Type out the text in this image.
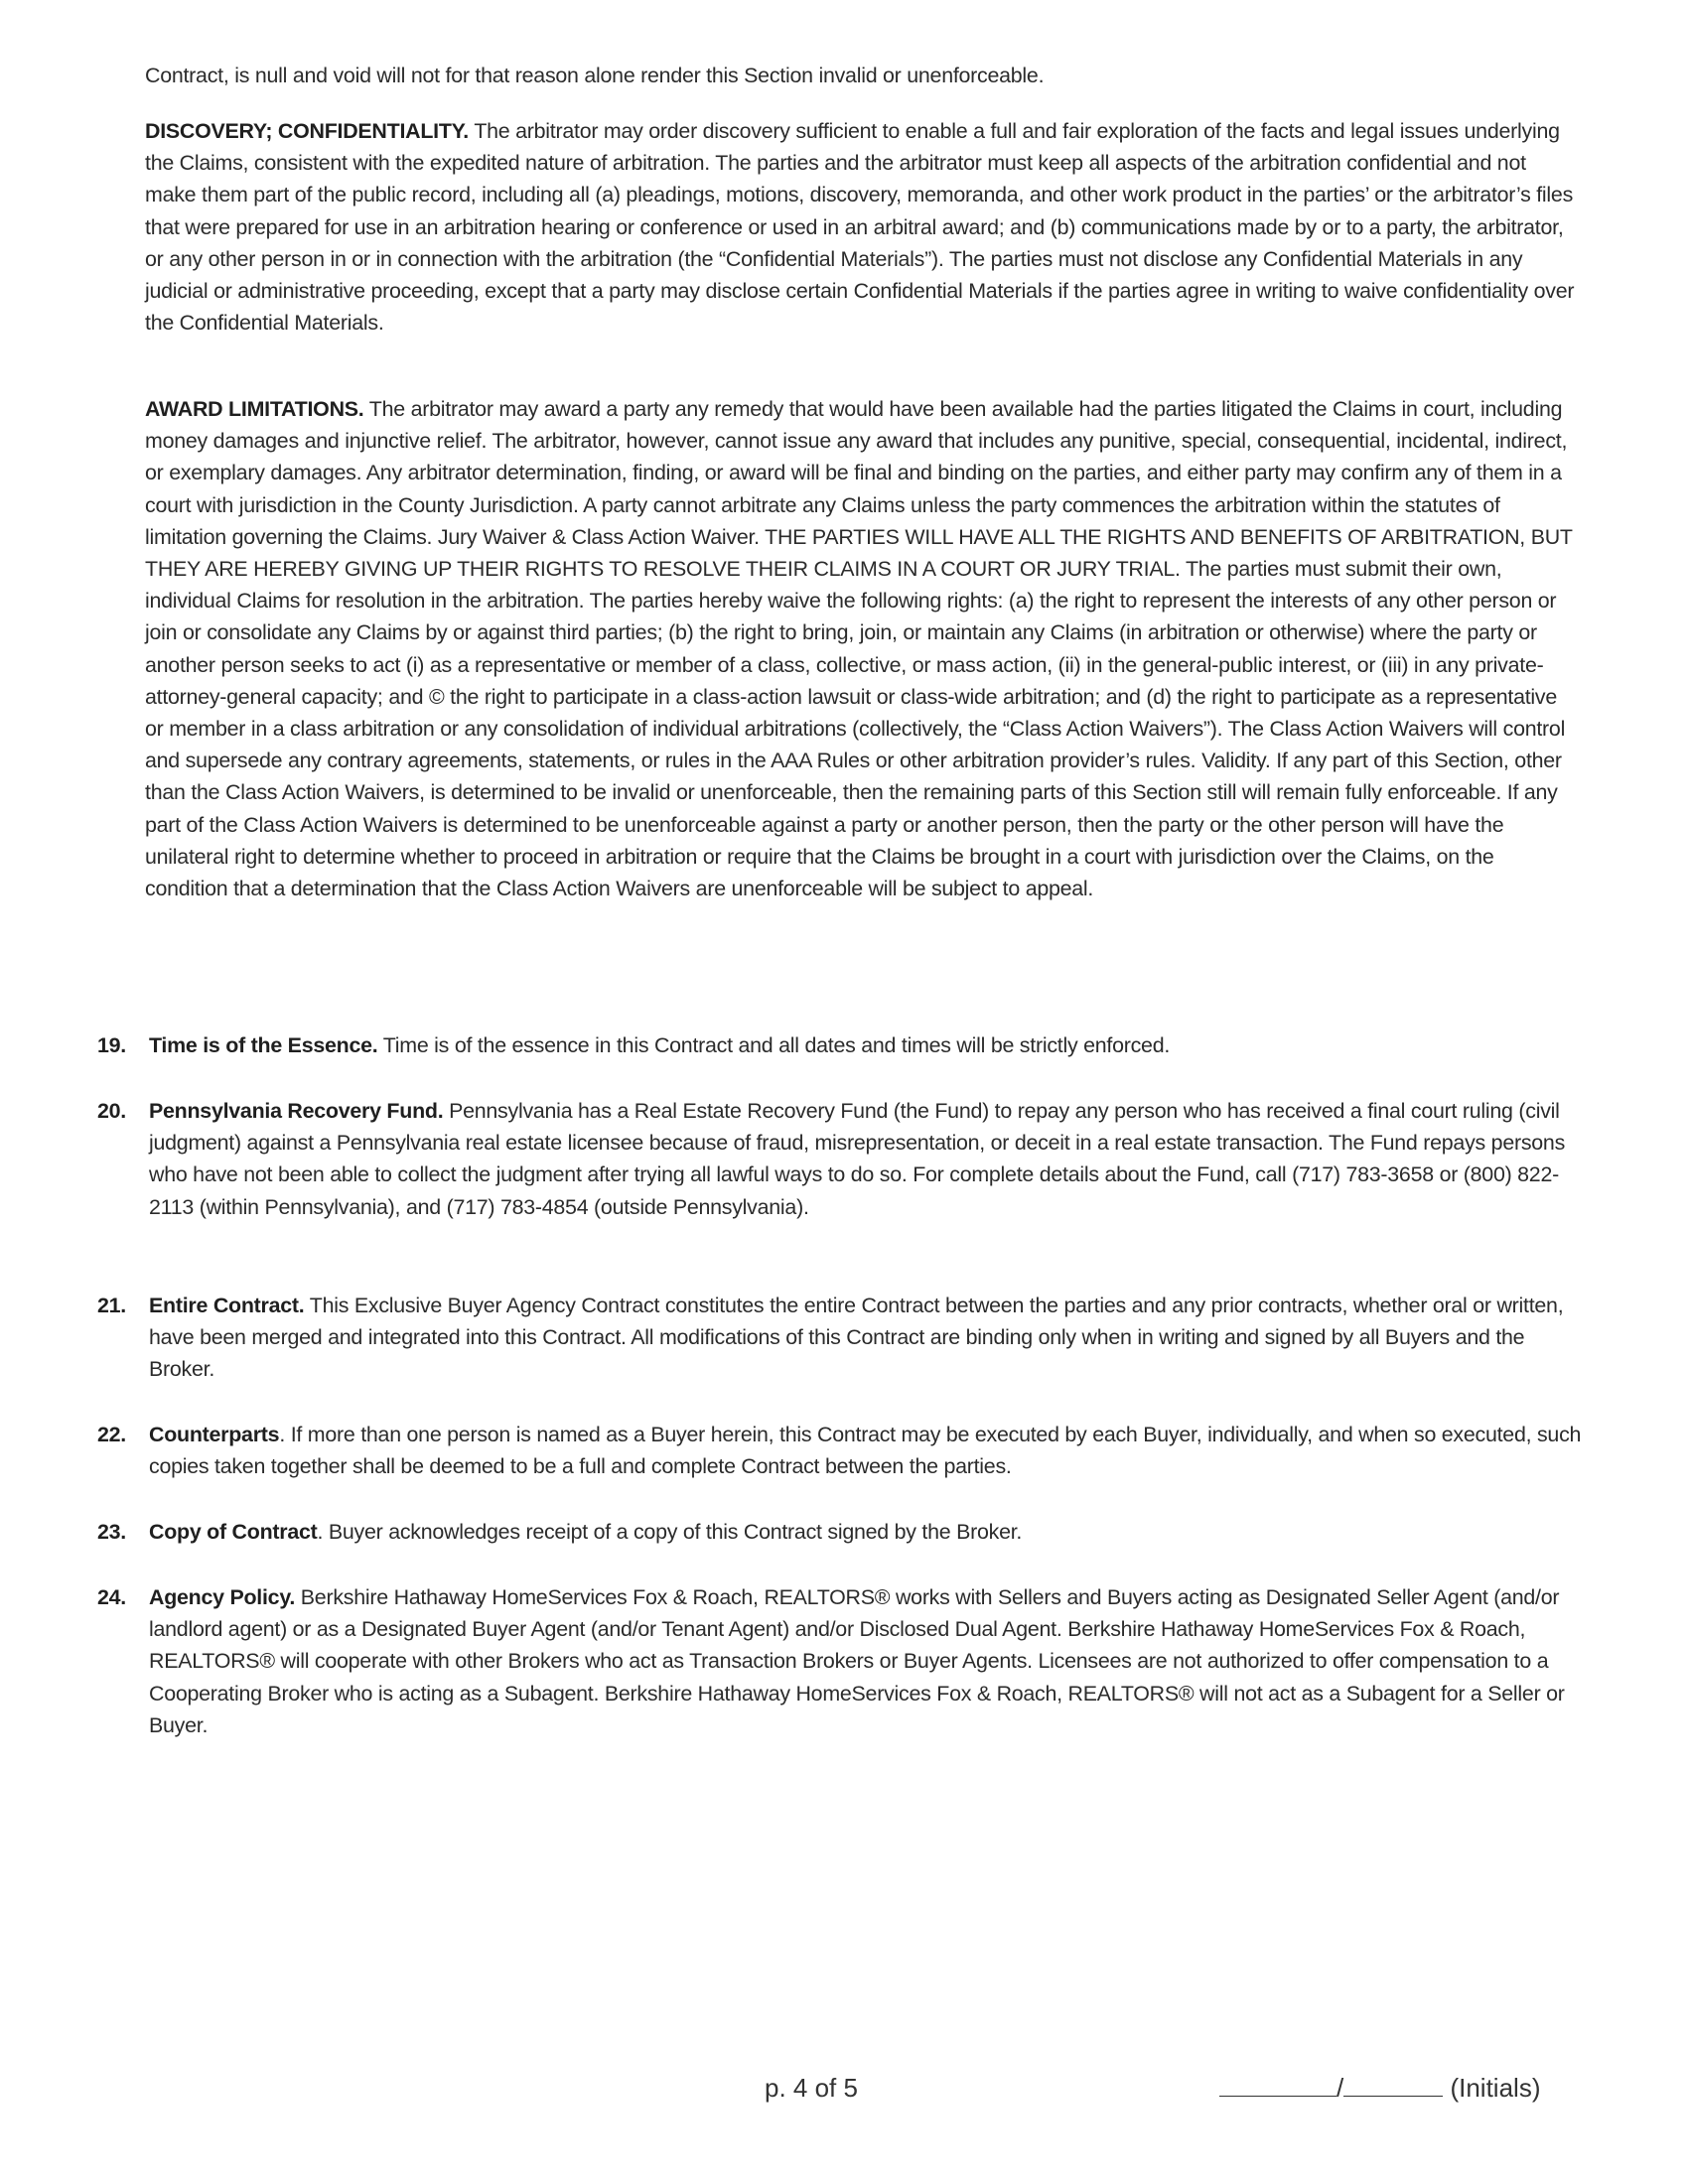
Contract, is null and void will not for that reason alone render this Section invalid or unenforceable.

DISCOVERY; CONFIDENTIALITY. The arbitrator may order discovery sufficient to enable a full and fair exploration of the facts and legal issues underlying the Claims, consistent with the expedited nature of arbitration. The parties and the arbitrator must keep all aspects of the arbitration confidential and not make them part of the public record, including all (a) pleadings, motions, discovery, memoranda, and other work product in the parties’ or the arbitrator’s files that were prepared for use in an arbitration hearing or conference or used in an arbitral award; and (b) communications made by or to a party, the arbitrator, or any other person in or in connection with the arbitration (the “Confidential Materials”). The parties must not disclose any Confidential Materials in any judicial or administrative proceeding, except that a party may disclose certain Confidential Materials if the parties agree in writing to waive confidentiality over the Confidential Materials.

AWARD LIMITATIONS. The arbitrator may award a party any remedy that would have been available had the parties litigated the Claims in court, including money damages and injunctive relief. The arbitrator, however, cannot issue any award that includes any punitive, special, consequential, incidental, indirect, or exemplary damages. Any arbitrator determination, finding, or award will be final and binding on the parties, and either party may confirm any of them in a court with jurisdiction in the County Jurisdiction. A party cannot arbitrate any Claims unless the party commences the arbitration within the statutes of limitation governing the Claims. Jury Waiver & Class Action Waiver. THE PARTIES WILL HAVE ALL THE RIGHTS AND BENEFITS OF ARBITRATION, BUT THEY ARE HEREBY GIVING UP THEIR RIGHTS TO RESOLVE THEIR CLAIMS IN A COURT OR JURY TRIAL. The parties must submit their own, individual Claims for resolution in the arbitration. The parties hereby waive the following rights: (a) the right to represent the interests of any other person or join or consolidate any Claims by or against third parties; (b) the right to bring, join, or maintain any Claims (in arbitration or otherwise) where the party or another person seeks to act (i) as a representative or member of a class, collective, or mass action, (ii) in the general-public interest, or (iii) in any private-attorney-general capacity; and © the right to participate in a class-action lawsuit or class-wide arbitration; and (d) the right to participate as a representative or member in a class arbitration or any consolidation of individual arbitrations (collectively, the “Class Action Waivers”). The Class Action Waivers will control and supersede any contrary agreements, statements, or rules in the AAA Rules or other arbitration provider’s rules. Validity. If any part of this Section, other than the Class Action Waivers, is determined to be invalid or unenforceable, then the remaining parts of this Section still will remain fully enforceable. If any part of the Class Action Waivers is determined to be unenforceable against a party or another person, then the party or the other person will have the unilateral right to determine whether to proceed in arbitration or require that the Claims be brought in a court with jurisdiction over the Claims, on the condition that a determination that the Class Action Waivers are unenforceable will be subject to appeal.

19. Time is of the Essence. Time is of the essence in this Contract and all dates and times will be strictly enforced.
20. Pennsylvania Recovery Fund. Pennsylvania has a Real Estate Recovery Fund (the Fund) to repay any person who has received a final court ruling (civil judgment) against a Pennsylvania real estate licensee because of fraud, misrepresentation, or deceit in a real estate transaction. The Fund repays persons who have not been able to collect the judgment after trying all lawful ways to do so. For complete details about the Fund, call (717) 783-3658 or (800) 822-2113 (within Pennsylvania), and (717) 783-4854 (outside Pennsylvania).
21. Entire Contract. This Exclusive Buyer Agency Contract constitutes the entire Contract between the parties and any prior contracts, whether oral or written, have been merged and integrated into this Contract. All modifications of this Contract are binding only when in writing and signed by all Buyers and the Broker.
22. Counterparts. If more than one person is named as a Buyer herein, this Contract may be executed by each Buyer, individually, and when so executed, such copies taken together shall be deemed to be a full and complete Contract between the parties.
23. Copy of Contract. Buyer acknowledges receipt of a copy of this Contract signed by the Broker.
24. Agency Policy. Berkshire Hathaway HomeServices Fox & Roach, REALTORS® works with Sellers and Buyers acting as Designated Seller Agent (and/or landlord agent) or as a Designated Buyer Agent (and/or Tenant Agent) and/or Disclosed Dual Agent. Berkshire Hathaway HomeServices Fox & Roach, REALTORS® will cooperate with other Brokers who act as Transaction Brokers or Buyer Agents. Licensees are not authorized to offer compensation to a Cooperating Broker who is acting as a Subagent. Berkshire Hathaway HomeServices Fox & Roach, REALTORS® will not act as a Subagent for a Seller or Buyer.
p. 4 of 5	/	(Initials)
